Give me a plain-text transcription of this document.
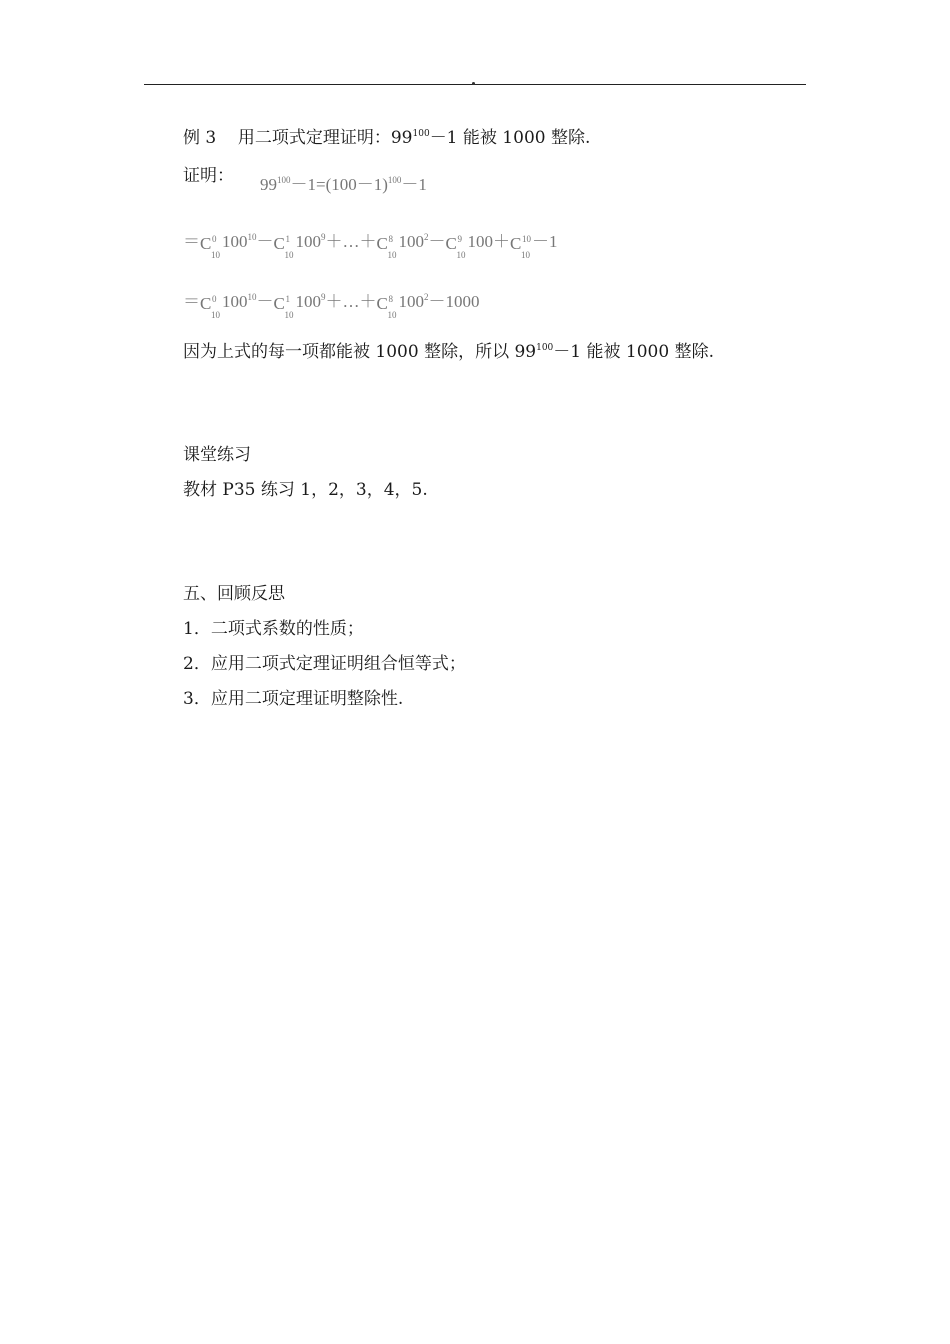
例 3 用二项式定理证明：$99^{100}-1$ 能被 1000 整除.
证明： $99^{100}-1=(100-1)^{100}-1$
＝ C 0
10
$100^{10}- C$ 1
10
$100^9+\dots+ C$ 8
10
$100^2- C$ 9
10
100＋ C 10
10
－1
＝ C 0
10
$100^{10}- C$ 1
10
$100^9+\dots+ C$ 8
10
$100^2-1000$
因为上式的每一项都能被 1000 整除，所以 $99^{100}-1$ 能被 1000 整除.
课堂练习
教材 P35 练习 1，2，3，4，5.
五、回顾反思
1．二项式系数的性质；
2．应用二项式定理证明组合恒等式；
3．应用二项定理证明整除性.
